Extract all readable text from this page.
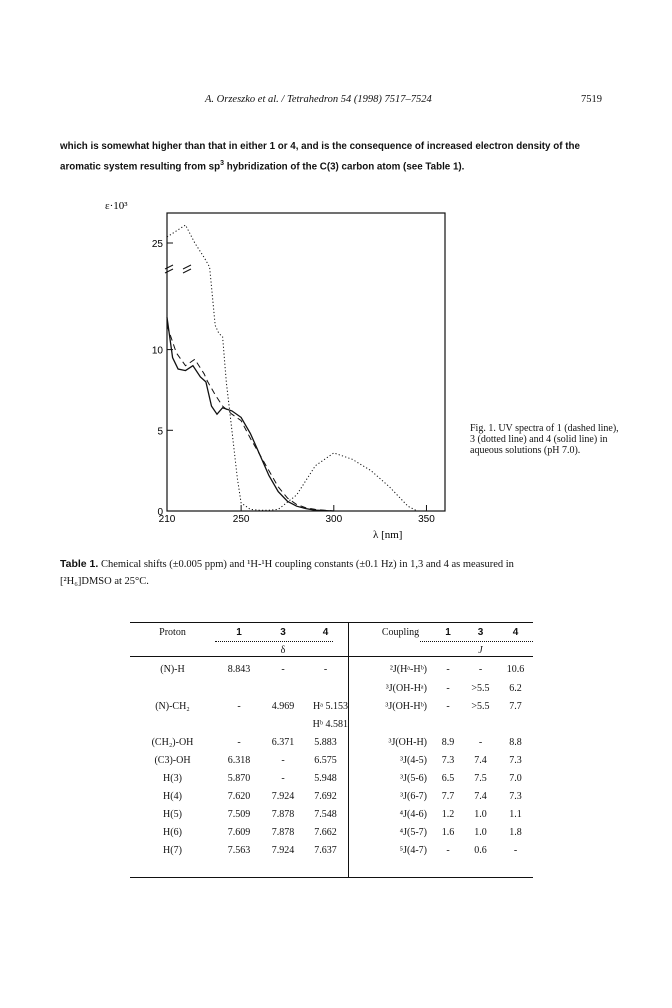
A. Orzeszko et al. / Tetrahedron 54 (1998) 7517–7524	7519
which is somewhat higher than that in either 1 or 4, and is the consequence of increased electron density of the
aromatic system resulting from $sp^3$ hybridization of the C(3) carbon atom (see Table 1).
0
5
10
25
210	250	300	350
ε·10³
λ [nm]
Fig. 1. UV spectra of 1 (dashed line), 3 (dotted line) and 4 (solid line) in aqueous solutions (pH 7.0).
Table 1. Chemical shifts (±0.005 ppm) and ¹H-¹H coupling constants (±0.1 Hz) in 1,3 and 4 as measured in
[²H₆]DMSO at 25°C.
Proton	1	3	4		Coupling	1	3	4
		δ					J	
(N)-H	8.843	-	-		²J(Hᵃ-Hᵇ)	-	-	10.6
					³J(OH-Hᵃ)	-	>5.5	6.2
(N)-CH₂	-	4.969	Hᵃ 5.153		³J(OH-Hᵇ)	-	>5.5	7.7
			Hᵇ 4.581					
(CH₂)-OH	-	6.371	5.883		³J(OH-H)	8.9	-	8.8
(C3)-OH	6.318	-	6.575		³J(4-5)	7.3	7.4	7.3
H(3)	5.870	-	5.948		³J(5-6)	6.5	7.5	7.0
H(4)	7.620	7.924	7.692		³J(6-7)	7.7	7.4	7.3
H(5)	7.509	7.878	7.548		⁴J(4-6)	1.2	1.0	1.1
H(6)	7.609	7.878	7.662		⁴J(5-7)	1.6	1.0	1.8
H(7)	7.563	7.924	7.637		⁵J(4-7)	-	0.6	-
